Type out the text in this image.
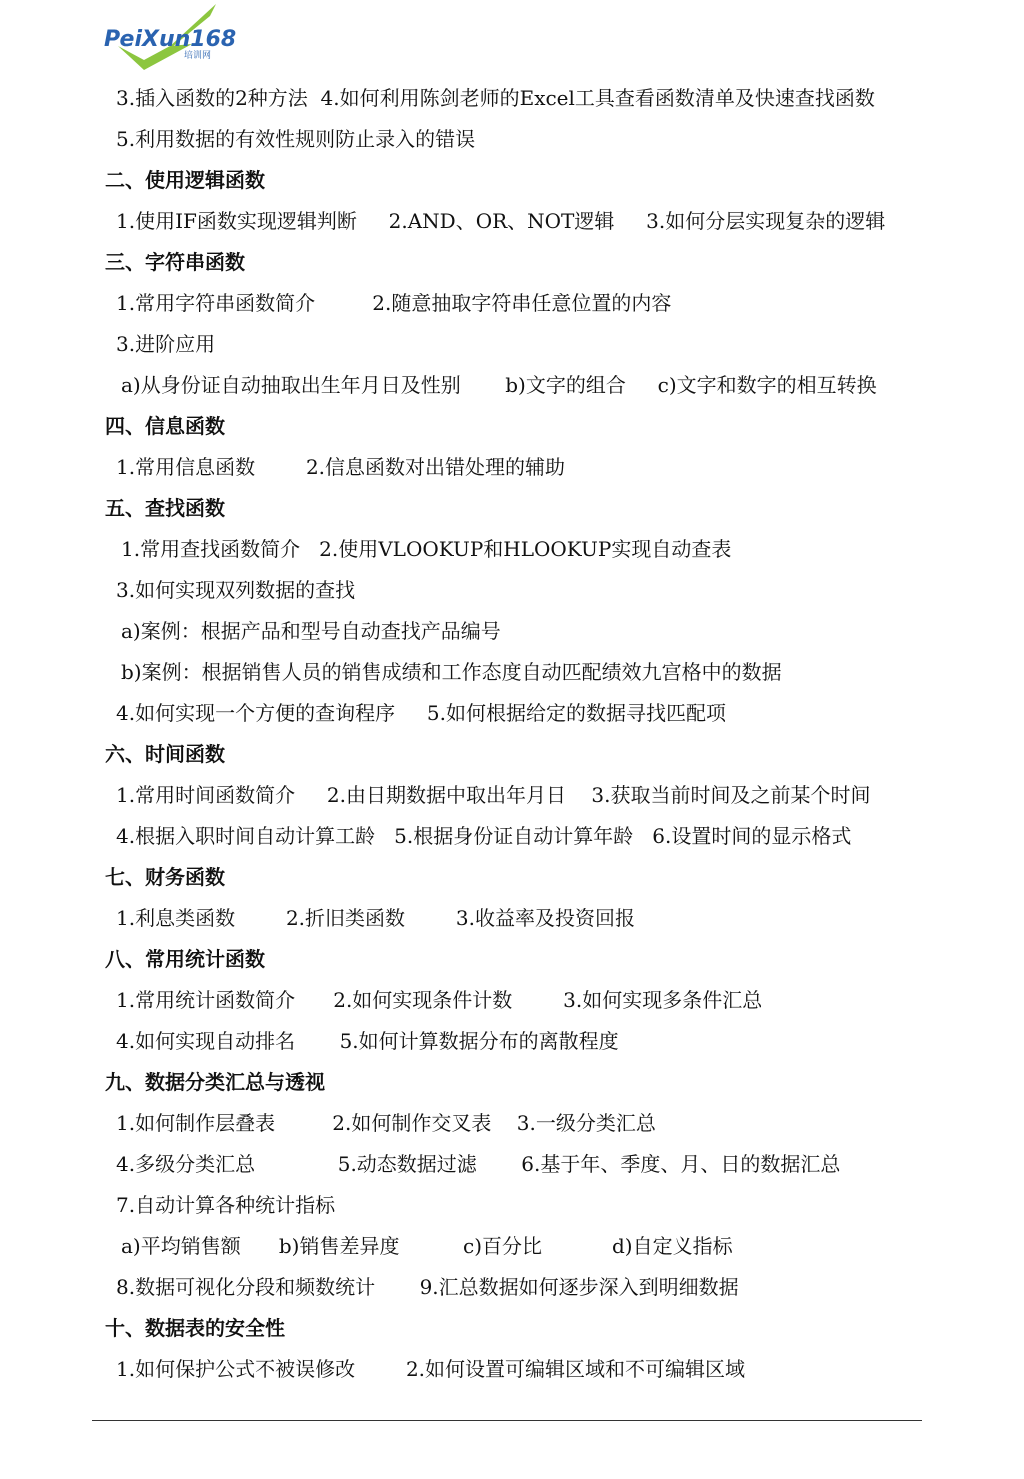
PeiXun168
培训网
3.插入函数的2种方法  4.如何利用陈剑老师的Excel工具查看函数清单及快速查找函数
5.利用数据的有效性规则防止录入的错误
二、使用逻辑函数
1.使用IF函数实现逻辑判断     2.AND、OR、NOT逻辑     3.如何分层实现复杂的逻辑
三、字符串函数
1.常用字符串函数简介         2.随意抽取字符串任意位置的内容
3.进阶应用
a)从身份证自动抽取出生年月日及性别       b)文字的组合     c)文字和数字的相互转换
四、信息函数
1.常用信息函数        2.信息函数对出错处理的辅助
五、查找函数
1.常用查找函数简介   2.使用VLOOKUP和HLOOKUP实现自动查表
3.如何实现双列数据的查找
a)案例：根据产品和型号自动查找产品编号
b)案例：根据销售人员的销售成绩和工作态度自动匹配绩效九宫格中的数据
4.如何实现一个方便的查询程序     5.如何根据给定的数据寻找匹配项
六、时间函数
1.常用时间函数简介     2.由日期数据中取出年月日    3.获取当前时间及之前某个时间
4.根据入职时间自动计算工龄   5.根据身份证自动计算年龄   6.设置时间的显示格式
七、财务函数
1.利息类函数        2.折旧类函数        3.收益率及投资回报
八、常用统计函数
1.常用统计函数简介      2.如何实现条件计数        3.如何实现多条件汇总
4.如何实现自动排名       5.如何计算数据分布的离散程度
九、数据分类汇总与透视
1.如何制作层叠表         2.如何制作交叉表    3.一级分类汇总
4.多级分类汇总             5.动态数据过滤       6.基于年、季度、月、日的数据汇总
7.自动计算各种统计指标
a)平均销售额      b)销售差异度          c)百分比           d)自定义指标
8.数据可视化分段和频数统计       9.汇总数据如何逐步深入到明细数据
十、数据表的安全性
1.如何保护公式不被误修改        2.如何设置可编辑区域和不可编辑区域
